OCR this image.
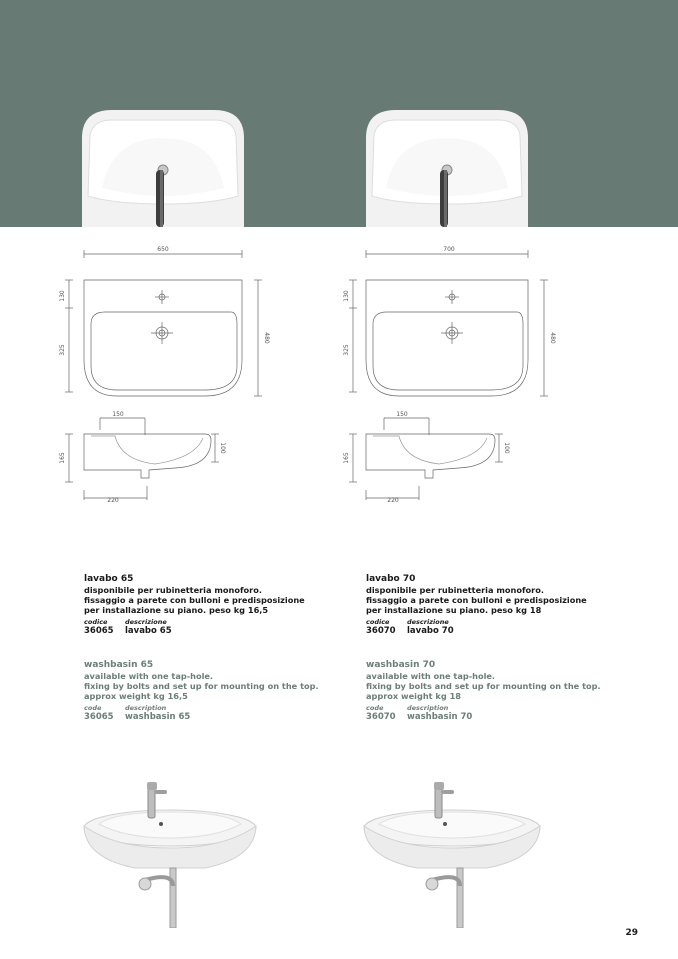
650
130
325
480
150
165
100
220
700
130
325
480
150
165
100
220
lavabo 65
disponibile per rubinetteria monoforo.
fissaggio a parete con bulloni e predisposizione
per installazione su piano. peso kg 16,5
codice	descrizione
36065	lavabo 65
lavabo 70
disponibile per rubinetteria monoforo.
fissaggio a parete con bulloni e predisposizione
per installazione su piano. peso kg 18
codice	descrizione
36070	lavabo 70
washbasin 65
available with one tap-hole.
fixing by bolts and set up for mounting on the top.
approx weight kg 16,5
code	description
36065	washbasin 65
washbasin 70
available with one tap-hole.
fixing by bolts and set up for mounting on the top.
approx weight kg 18
code	description
36070	washbasin 70
29
